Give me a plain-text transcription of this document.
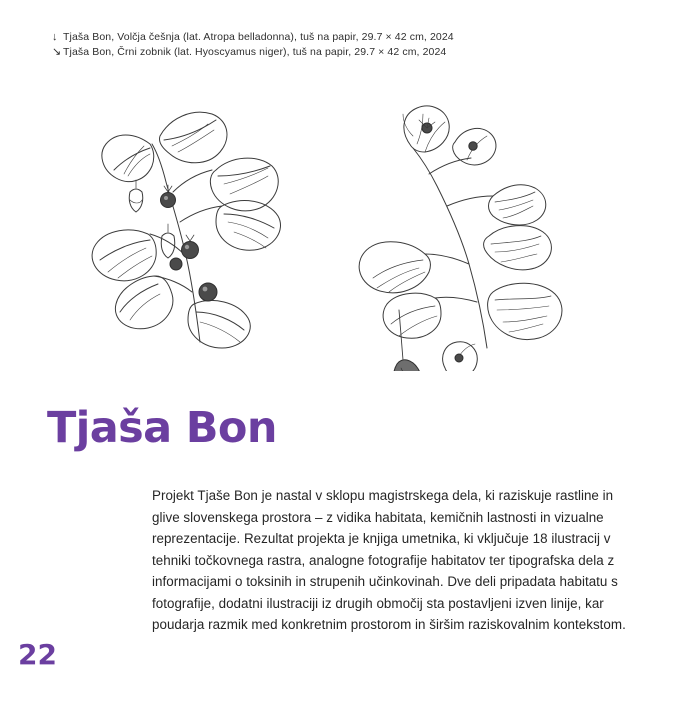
↓ Tjaša Bon, Volčja češnja (lat. Atropa belladonna), tuš na papir, 29.7 × 42 cm, 2024
↘ Tjaša Bon, Črni zobnik (lat. Hyoscyamus niger), tuš na papir, 29.7 × 42 cm, 2024
Tjaša Bon

Projekt Tjaše Bon je nastal v sklopu magistrskega dela, ki raziskuje rastline in glive slovenskega prostora – z vidika habitata, kemičnih lastnosti in vizualne reprezentacije. Rezultat projekta je knjiga umetnika, ki vključuje 18 ilustracij v tehniki točkovnega rastra, analogne fotografije habitatov ter tipografska dela z informacijami o toksinih in strupenih učinkovinah. Dve deli pripadata habitatu s fotografije, dodatni ilustraciji iz drugih območij sta postavljeni izven linije, kar poudarja razmik med konkretnim prostorom in širšim raziskovalnim kontekstom.

22
